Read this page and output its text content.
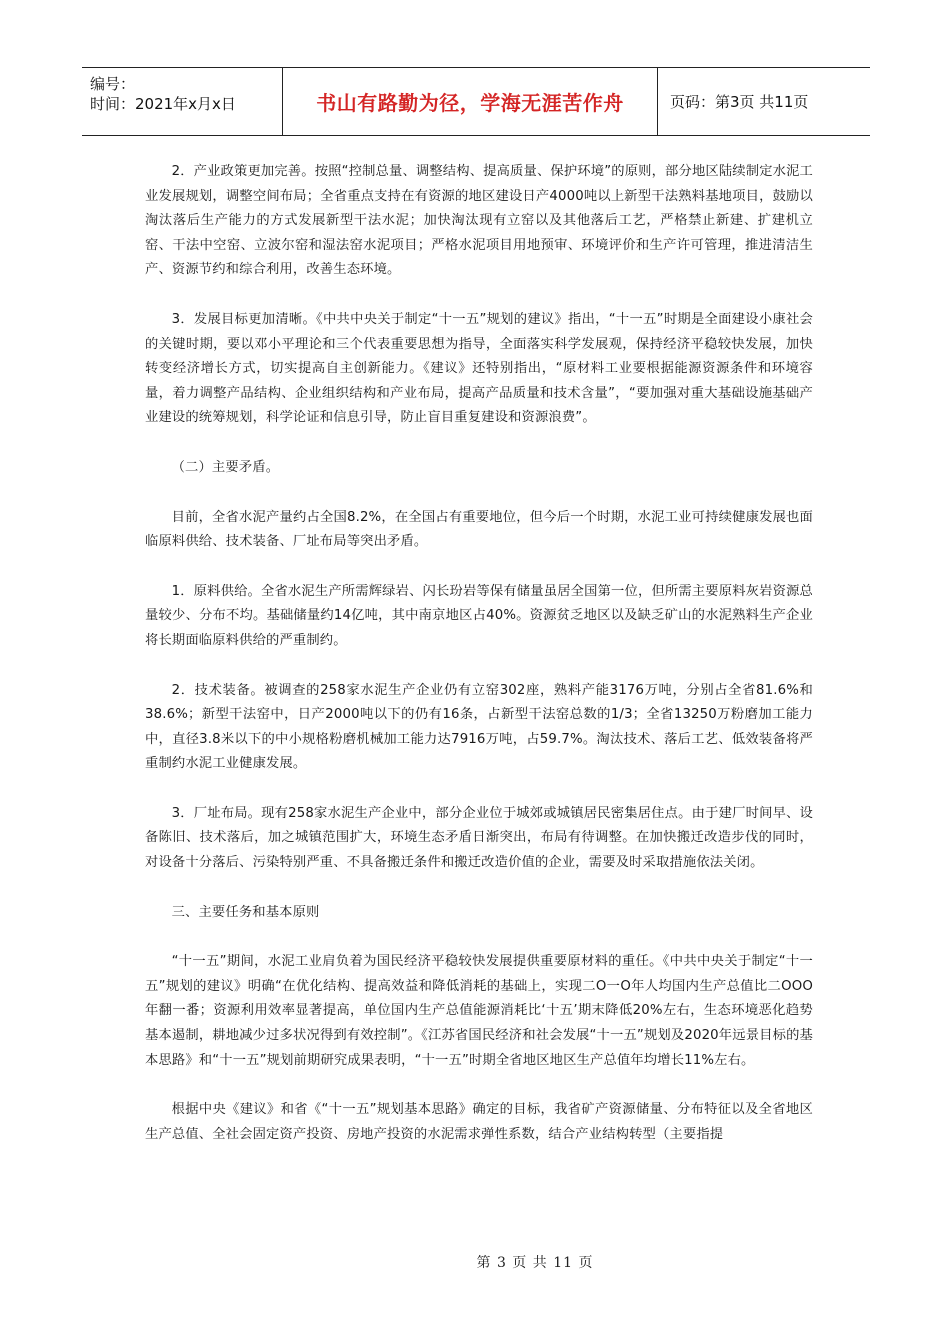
编号：
时间：2021年x月x日	书山有路勤为径，学海无涯苦作舟	页码：第3页 共11页

2．产业政策更加完善。按照“控制总量、调整结构、提高质量、保护环境”的原则，部分地区陆续制定水泥工业发展规划，调整空间布局；全省重点支持在有资源的地区建设日产4000吨以上新型干法熟料基地项目，鼓励以淘汰落后生产能力的方式发展新型干法水泥；加快淘汰现有立窑以及其他落后工艺，严格禁止新建、扩建机立窑、干法中空窑、立波尔窑和湿法窑水泥项目；严格水泥项目用地预审、环境评价和生产许可管理，推进清洁生产、资源节约和综合利用，改善生态环境。

3．发展目标更加清晰。《中共中央关于制定“十一五”规划的建议》指出，“十一五”时期是全面建设小康社会的关键时期，要以邓小平理论和三个代表重要思想为指导，全面落实科学发展观，保持经济平稳较快发展，加快转变经济增长方式，切实提高自主创新能力。《建议》还特别指出，“原材料工业要根据能源资源条件和环境容量，着力调整产品结构、企业组织结构和产业布局，提高产品质量和技术含量”，“要加强对重大基础设施基础产业建设的统筹规划，科学论证和信息引导，防止盲目重复建设和资源浪费”。

（二）主要矛盾。

目前，全省水泥产量约占全国8.2%，在全国占有重要地位，但今后一个时期，水泥工业可持续健康发展也面临原料供给、技术装备、厂址布局等突出矛盾。

1．原料供给。全省水泥生产所需辉绿岩、闪长玢岩等保有储量虽居全国第一位，但所需主要原料灰岩资源总量较少、分布不均。基础储量约14亿吨，其中南京地区占40%。资源贫乏地区以及缺乏矿山的水泥熟料生产企业将长期面临原料供给的严重制约。

2．技术装备。被调查的258家水泥生产企业仍有立窑302座，熟料产能3176万吨，分别占全省81.6%和38.6%；新型干法窑中，日产2000吨以下的仍有16条，占新型干法窑总数的1/3；全省13250万粉磨加工能力中，直径3.8米以下的中小规格粉磨机械加工能力达7916万吨，占59.7%。淘汰技术、落后工艺、低效装备将严重制约水泥工业健康发展。

3．厂址布局。现有258家水泥生产企业中，部分企业位于城郊或城镇居民密集居住点。由于建厂时间早、设备陈旧、技术落后，加之城镇范围扩大，环境生态矛盾日渐突出，布局有待调整。在加快搬迁改造步伐的同时，对设备十分落后、污染特别严重、不具备搬迁条件和搬迁改造价值的企业，需要及时采取措施依法关闭。

三、主要任务和基本原则

“十一五”期间，水泥工业肩负着为国民经济平稳较快发展提供重要原材料的重任。《中共中央关于制定“十一五”规划的建议》明确“在优化结构、提高效益和降低消耗的基础上，实现二O一O年人均国内生产总值比二OOO年翻一番；资源利用效率显著提高，单位国内生产总值能源消耗比‘十五’期末降低20%左右，生态环境恶化趋势基本遏制，耕地减少过多状况得到有效控制”。《江苏省国民经济和社会发展“十一五”规划及2020年远景目标的基本思路》和“十一五”规划前期研究成果表明，“十一五”时期全省地区地区生产总值年均增长11%左右。

根据中央《建议》和省《“十一五”规划基本思路》确定的目标，我省矿产资源储量、分布特征以及全省地区生产总值、全社会固定资产投资、房地产投资的水泥需求弹性系数，结合产业结构转型（主要指提

第 3 页 共 11 页
